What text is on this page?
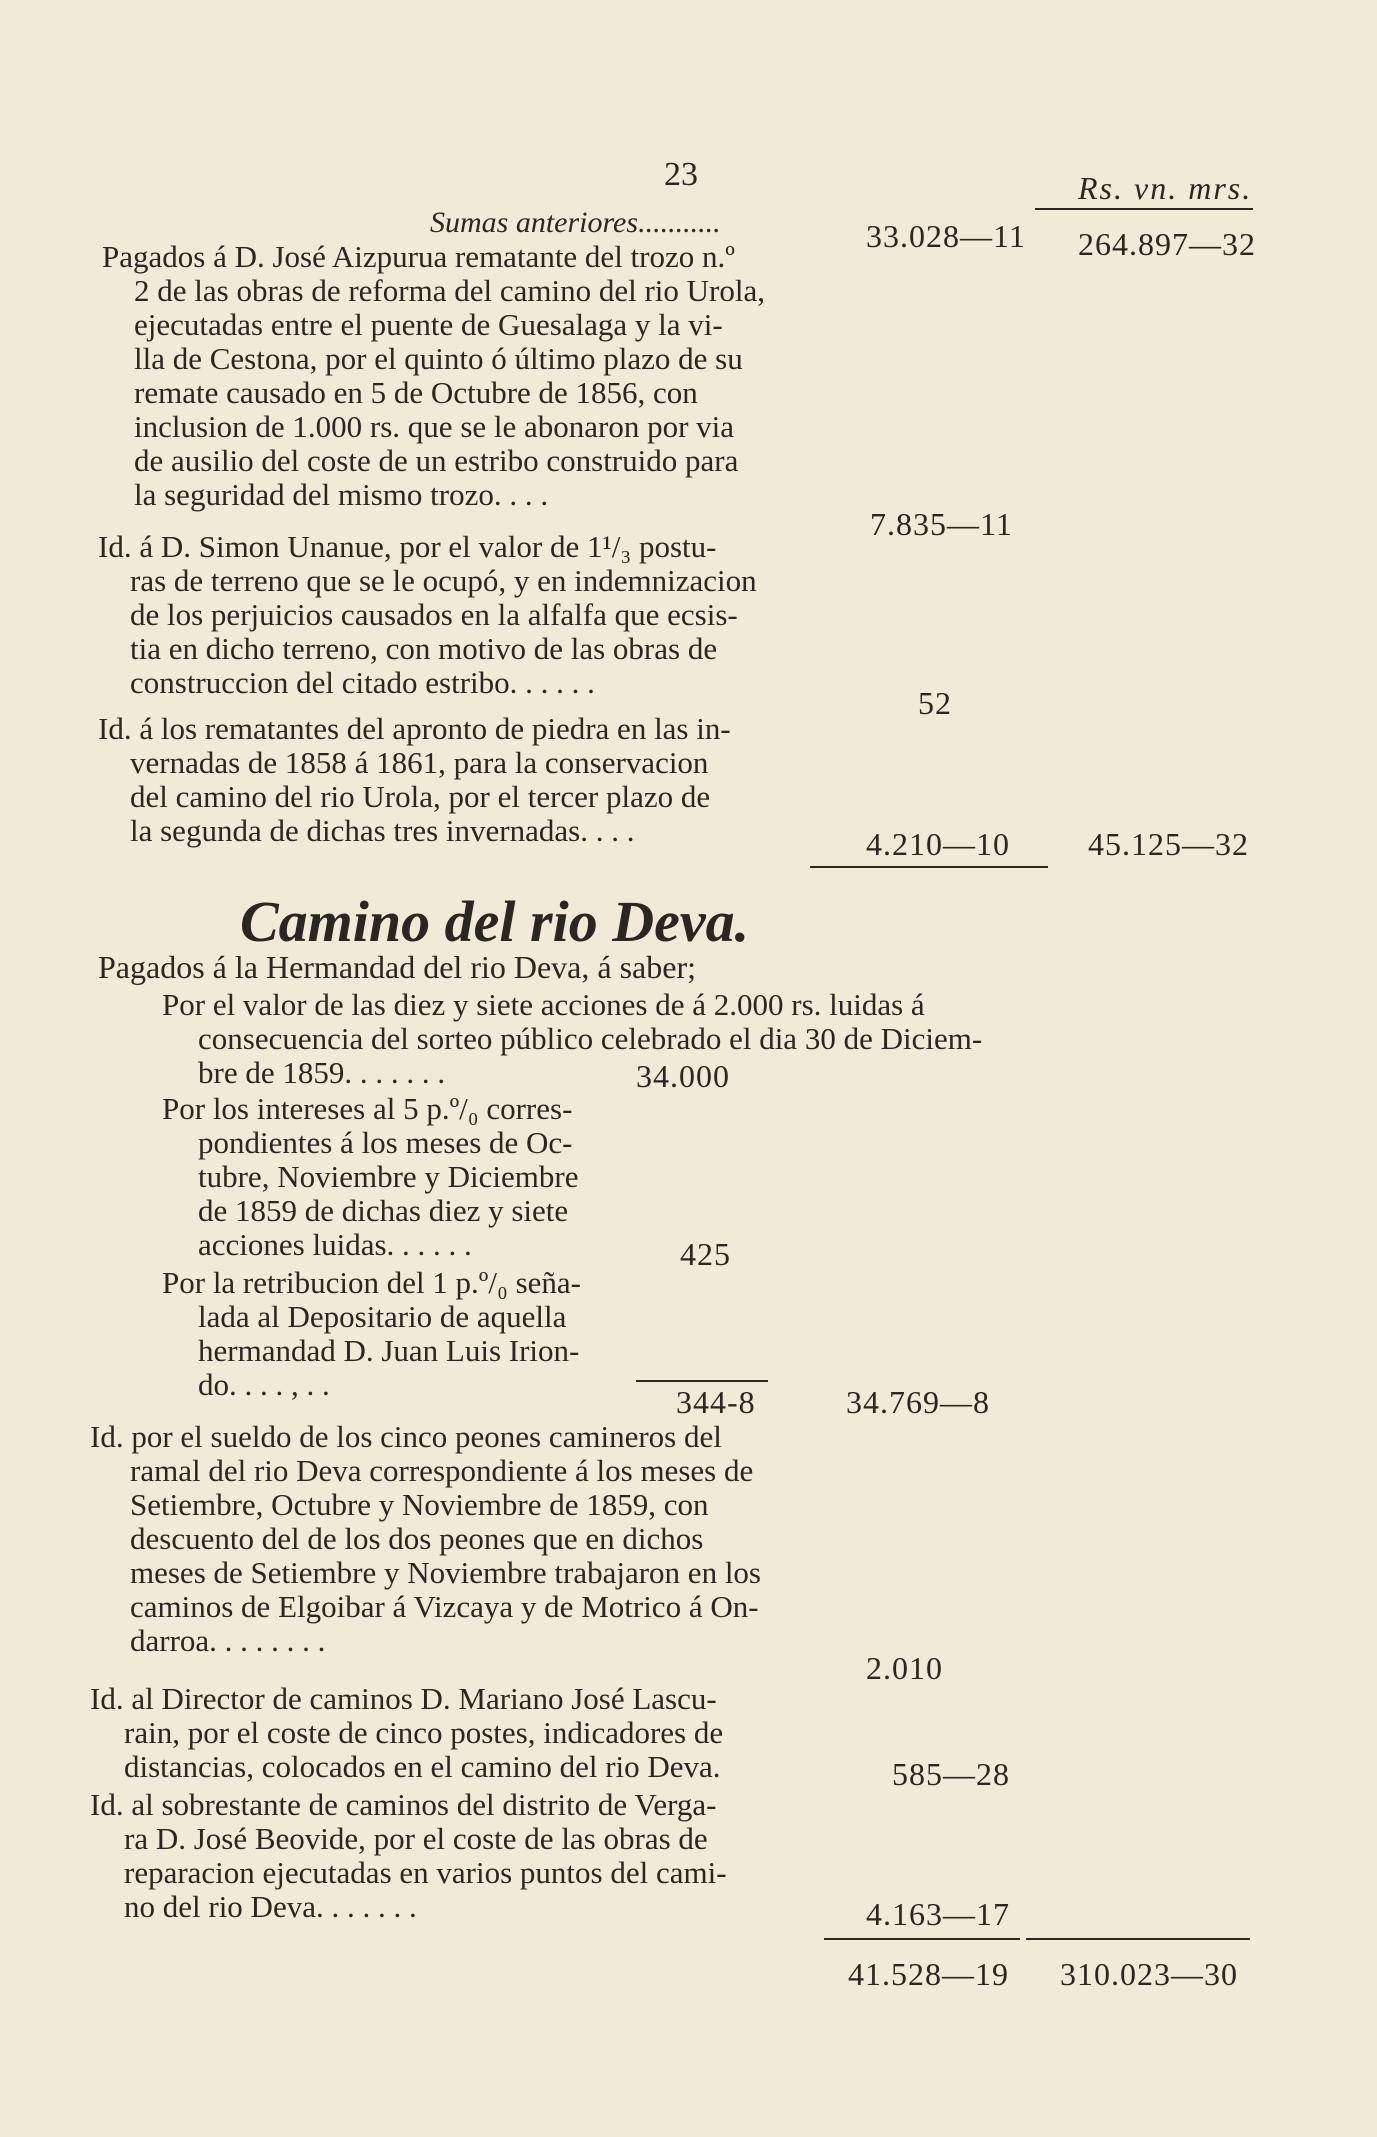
23	Rs. vn. mrs.
Sumas anteriores...........	33.028—11 264.897—32
Pagados á D. José Aizpurua rematante del trozo n.º
2 de las obras de reforma del camino del rio Urola,
ejecutadas entre el puente de Guesalaga y la vi-
lla de Cestona, por el quinto ó último plazo de su
remate causado en 5 de Octubre de 1856, con
inclusion de 1.000 rs. que se le abonaron por via
de ausilio del coste de un estribo construido para
la seguridad del mismo trozo. . . .
7.835—11
Id. á D. Simon Unanue, por el valor de 1¹/₃ postu-
ras de terreno que se le ocupó, y en indemnizacion
de los perjuicios causados en la alfalfa que ecsis-
tia en dicho terreno, con motivo de las obras de
construccion del citado estribo. . . . . .
52
Id. á los rematantes del apronto de piedra en las in-
vernadas de 1858 á 1861, para la conservacion
del camino del rio Urola, por el tercer plazo de
la segunda de dichas tres invernadas. . . .	4.210—10 45.125—32
Camino del rio Deva.
Pagados á la Hermandad del rio Deva, á saber;
Por el valor de las diez y siete acciones de á 2.000 rs. luidas á
consecuencia del sorteo público celebrado el dia 30 de Diciem-
bre de 1859. . . . . . .	34.000
Por los intereses al 5 p.º/₀ corres-
pondientes á los meses de Oc-
tubre, Noviembre y Diciembre
de 1859 de dichas diez y siete
acciones luidas. . . . . .	425
Por la retribucion del 1 p.º/₀ seña-
lada al Depositario de aquella
hermandad D. Juan Luis Irion-
do. . . . , . .	344-8	34.769—8
Id. por el sueldo de los cinco peones camineros del
ramal del rio Deva correspondiente á los meses de
Setiembre, Octubre y Noviembre de 1859, con
descuento del de los dos peones que en dichos
meses de Setiembre y Noviembre trabajaron en los
caminos de Elgoibar á Vizcaya y de Motrico á On-
darroa. . . . . . . .
2.010
Id. al Director de caminos D. Mariano José Lascu-
rain, por el coste de cinco postes, indicadores de
distancias, colocados en el camino del rio Deva.	585—28
Id. al sobrestante de caminos del distrito de Verga-
ra D. José Beovide, por el coste de las obras de
reparacion ejecutadas en varios puntos del cami-
no del rio Deva. . . . . . .	4.163—17
41.528—19 310.023—30
